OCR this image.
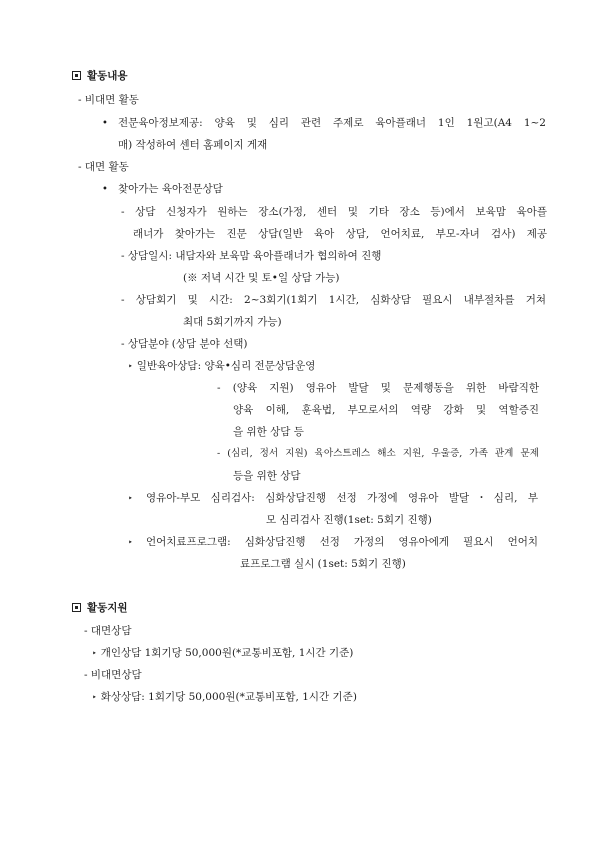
활동내용
- 비대면 활동
• 전문육아정보제공: 양육 및 심리 관련 주제로 육아플래너 1인 1원고(A4 1~2
매) 작성하여 센터 홈페이지 게재
- 대면 활동
• 찾아가는 육아전문상담
- 상담 신청자가 원하는 장소(가정, 센터 및 기타 장소 등)에서 보육맘 육아플
래너가 찾아가는 진문 상담(일반 육아 상담, 언어치료, 부모-자녀 검사) 제공
- 상담일시: 내담자와 보육맘 육아플래너가 협의하여 진행
(※ 저녁 시간 및 토•일 상담 가능)
- 상담회기 및 시간: 2~3회기(1회기 1시간, 심화상담 필요시 내부절차를 거쳐
최대 5회기까지 가능)
- 상담분야 (상담 분야 선택)
‣ 일반육아상담: 양육•심리 전문상담운영
- (양육 지원) 영유아 발달 및 문제행동을 위한 바람직한
양육 이해, 훈육법, 부모로서의 역량 강화 및 역할증진
을 위한 상담 등
- (심리, 정서 지원) 육아스트레스 해소 지원, 우울증, 가족 관계 문제
등을 위한 상담
‣	영유아-부모 심리검사: 심화상담진행 선정 가정에 영유아 발달・심리, 부
모 심리검사 진행(1set: 5회기 진행)
‣	언어치료프로그램: 심화상담진행 선정 가정의 영유아에게 필요시 언어치
료프로그램 실시 (1set: 5회기 진행)
활동지원
- 대면상담
‣ 개인상담 1회기당 50,000원(*교통비포함, 1시간 기준)
- 비대면상담
‣ 화상상담: 1회기당 50,000원(*교통비포함, 1시간 기준)
